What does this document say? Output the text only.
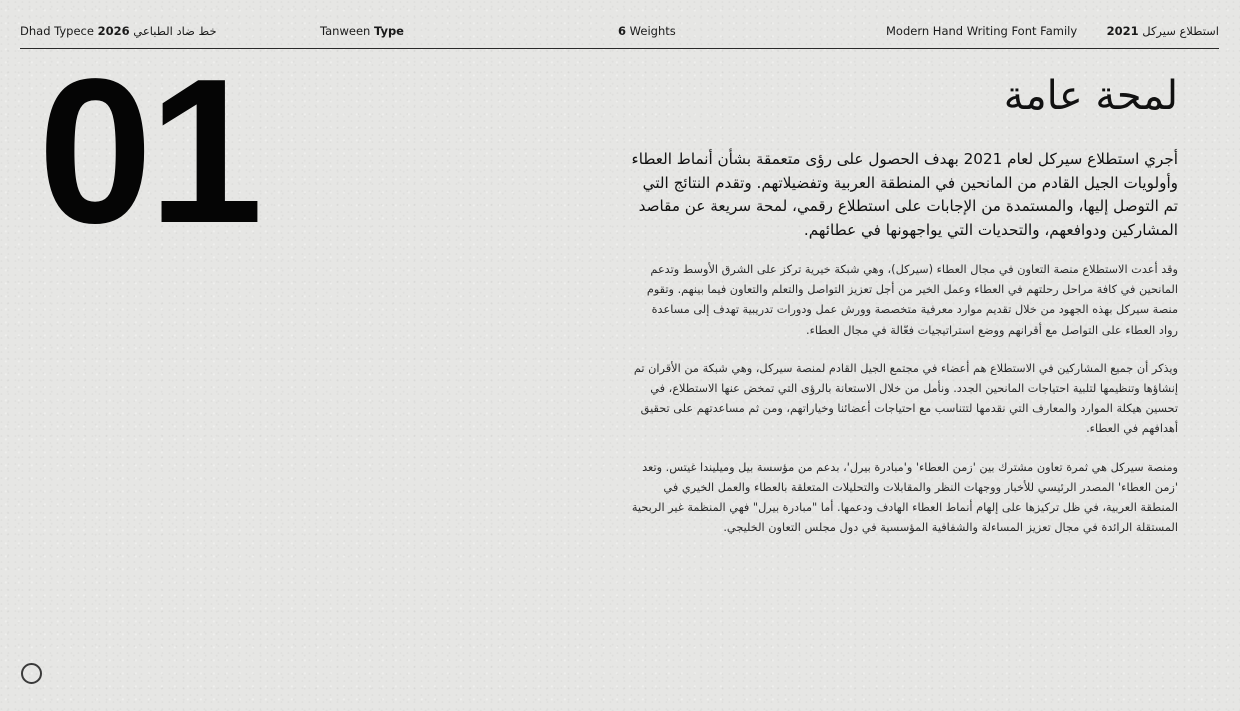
Dhad Typece 2026 خط ضاد الطباعي	Tanween Type	6 Weights	Modern Hand Writing Font Family	2021 استطلاع سيركل
01	لمحة عامة

أجري استطلاع سيركل لعام 2021 بهدف الحصول على رؤى متعمقة بشأن أنماط العطاء وأولويات الجيل القادم من المانحين في المنطقة العربية وتفضيلاتهم. وتقدم النتائج التي تم التوصل إليها، والمستمدة من الإجابات على استطلاع رقمي، لمحة سريعة عن مقاصد المشاركين ودوافعهم، والتحديات التي يواجهونها في عطائهم.

وقد أعدت الاستطلاع منصة التعاون في مجال العطاء (سيركل)، وهي شبكة خيرية تركز على الشرق الأوسط وتدعم المانحين في كافة مراحل رحلتهم في العطاء وعمل الخير من أجل تعزيز التواصل والتعلم والتعاون فيما بينهم. وتقوم منصة سيركل بهذه الجهود من خلال تقديم موارد معرفية متخصصة وورش عمل ودورات تدريبية تهدف إلى مساعدة رواد العطاء على التواصل مع أقرانهم ووضع استراتيجيات فعّالة في مجال العطاء.

ويذكر أن جميع المشاركين في الاستطلاع هم أعضاء في مجتمع الجيل القادم لمنصة سيركل، وهي شبكة من الأقران تم إنشاؤها وتنظيمها لتلبية احتياجات المانحين الجدد. ونأمل من خلال الاستعانة بالرؤى التي تمخض عنها الاستطلاع، في تحسين هيكلة الموارد والمعارف التي نقدمها لتتناسب مع احتياجات أعضائنا وخياراتهم، ومن ثم مساعدتهم على تحقيق أهدافهم في العطاء.

ومنصة سيركل هي ثمرة تعاون مشترك بين 'زمن العطاء' و'مبادرة بيرل'، بدعم من مؤسسة بيل وميليندا غيتس. وتعد 'زمن العطاء' المصدر الرئيسي للأخبار ووجهات النظر والمقابلات والتحليلات المتعلقة بالعطاء والعمل الخيري في المنطقة العربية، في ظل تركيزها على إلهام أنماط العطاء الهادف ودعمها. أما "مبادرة بيرل" فهي المنظمة غير الربحية المستقلة الرائدة في مجال تعزيز المساءلة والشفافية المؤسسية في دول مجلس التعاون الخليجي.
